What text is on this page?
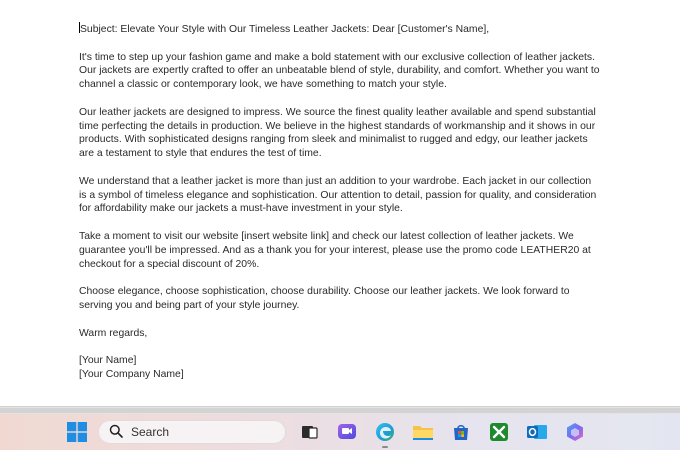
Subject: Elevate Your Style with Our Timeless Leather Jackets: Dear [Customer's Name],

It's time to step up your fashion game and make a bold statement with our exclusive collection of leather jackets.
Our jackets are expertly crafted to offer an unbeatable blend of style, durability, and comfort. Whether you want to
channel a classic or contemporary look, we have something to match your style.

Our leather jackets are designed to impress. We source the finest quality leather available and spend substantial
time perfecting the details in production. We believe in the highest standards of workmanship and it shows in our
products. With sophisticated designs ranging from sleek and minimalist to rugged and edgy, our leather jackets
are a testament to style that endures the test of time.

We understand that a leather jacket is more than just an addition to your wardrobe. Each jacket in our collection
is a symbol of timeless elegance and sophistication. Our attention to detail, passion for quality, and consideration
for affordability make our jackets a must-have investment in your style.

Take a moment to visit our website [insert website link] and check our latest collection of leather jackets. We
guarantee you'll be impressed. And as a thank you for your interest, please use the promo code LEATHER20 at
checkout for a special discount of 20%.

Choose elegance, choose sophistication, choose durability. Choose our leather jackets. We look forward to
serving you and being part of your style journey.

Warm regards,

[Your Name]
[Your Company Name]

Search
